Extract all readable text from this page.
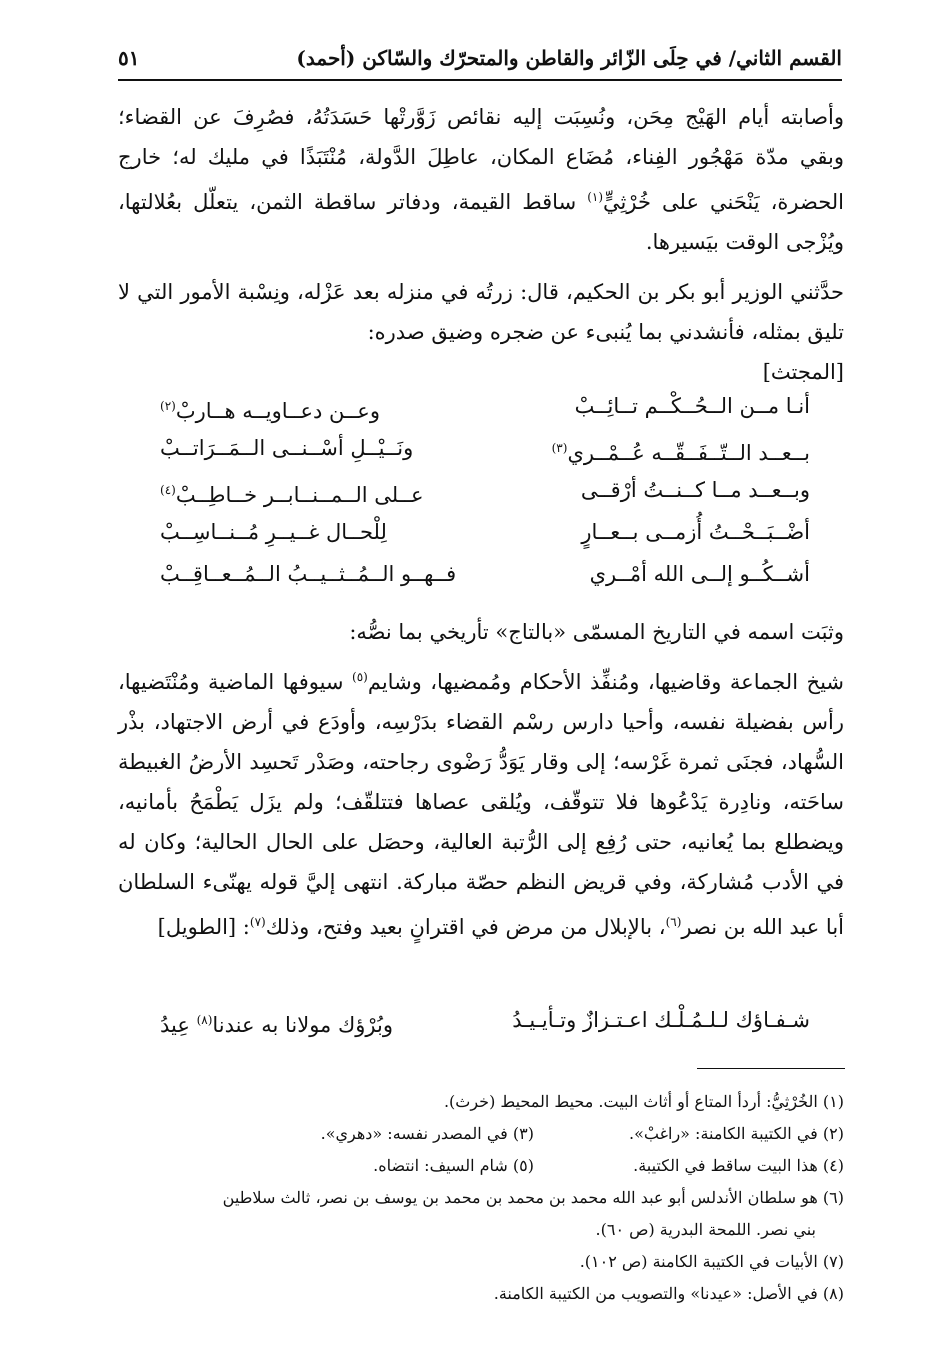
القسم الثاني/ في حِلَى الزّائر والقاطن والمتحرّك والسّاكن (أحمد)
٥١
وأصابته أيام الهَيْج مِحَن، ونُسِبَت إليه نقائص زَوَّرتْها حَسَدَتُهُ، فصُرِفَ عن القضاء؛ وبقي مدّة مَهْجُور الفِناء، مُضَاع المكان، عاطِلَ الدَّولة، مُنْتَبَذًا في مليك له؛ خارج الحضرة، يَنْحَني على خُرْثِيٍّ$^{(١)}$ ساقط القيمة، ودفاتر ساقطة الثمن، يتعلّل بعُلالتها، ويُزْجى الوقت بيَسيرها.
حدَّثني الوزير أبو بكر بن الحكيم، قال: زرتُه في منزله بعد عَزْله، ونِسْبة الأمور التي لا تليق بمثله، فأنشدني بما يُنبىء عن ضجره وضيق صدره:
[المجتث]
أنـا مــن الــحُــكْــم تــائِــبْ
وعــن دعــاويــه هــاربْ$^{(٢)}$
بــعــد الــتّــفَــقّــه عُــمْــري$^{(٣)}$
ونَــيْــلِ أسْــنــى الــمَــرَاتــبْ
وبــعــد مــا كــنــتُ أرْقــى
عــلى الــمــنــابــر خــاطِــبْ$^{(٤)}$
أضْــبَــحْــتُ أُزمــى بــعــارٍ
لِلْحــال غــيــرِ مُــنــاسِــبْ
أشــكُــو إلــى الله أمْــري
فــهــو الــمُــثــيــبُ الــمُــعــاقِــبْ
وثبَت اسمه في التاريخ المسمّى «بالتاج» تأريخي بما نصُّه:
شيخ الجماعة وقاضيها، ومُنفِّذ الأحكام ومُمضيها، وشايم$^{(٥)}$ سيوفها الماضية ومُنْتَضيها، رأس بفضيلة نفسه، وأحيا دارس رسْم القضاء بدَرْسِه، وأودَع في أرض الاجتهاد، بذْر السُّهاد، فجنَى ثمرة غَرْسه؛ إلى وقار يَوَدُّ رَضْوى رجاحته، وصَدْر تَحسِد الأرضُ الغبيطة ساحَته، ونادِرة يَدْعُوها فلا تتوقّف، ويُلقى عصاها فتتلقّف؛ ولم يزَل يَطْمَحُ بأمانيه، ويضطلع بما يُعانيه، حتى رُفِع إلى الرُّتبة العالية، وحصَل على الحال الحالية؛ وكان له في الأدب مُشاركة، وفي قريض النظم حصّة مباركة. انتهى إليَّ قوله يهنّىء السلطان أبا عبد الله بن نصر$^{(٦)}$، بالإبلال من مرض في اقترانٍ بعيد وفتح، وذلك$^{(٧)}$: [الطويل]
شـفـاؤك لـلـمُـلْـك اعـتـزازٌ وتـأيـيـدُ
وبُرْؤك مولانا به عندنا$^{(٨)}$ عِيدُ
(١) الخُرْثِيُّ: أردأ المتاع أو أثاث البيت. محيط المحيط (خرث).
(٢) في الكتيبة الكامنة: «راغبْ».
(٣) في المصدر نفسه: «دهري».
(٤) هذا البيت ساقط في الكتيبة.
(٥) شام السيف: انتضاه.
(٦) هو سلطان الأندلس أبو عبد الله محمد بن محمد بن محمد بن يوسف بن نصر، ثالث سلاطين
بني نصر. اللمحة البدرية (ص ٦٠).
(٧) الأبيات في الكتيبة الكامنة (ص ١٠٢).
(٨) في الأصل: «عيدنا» والتصويب من الكتيبة الكامنة.
